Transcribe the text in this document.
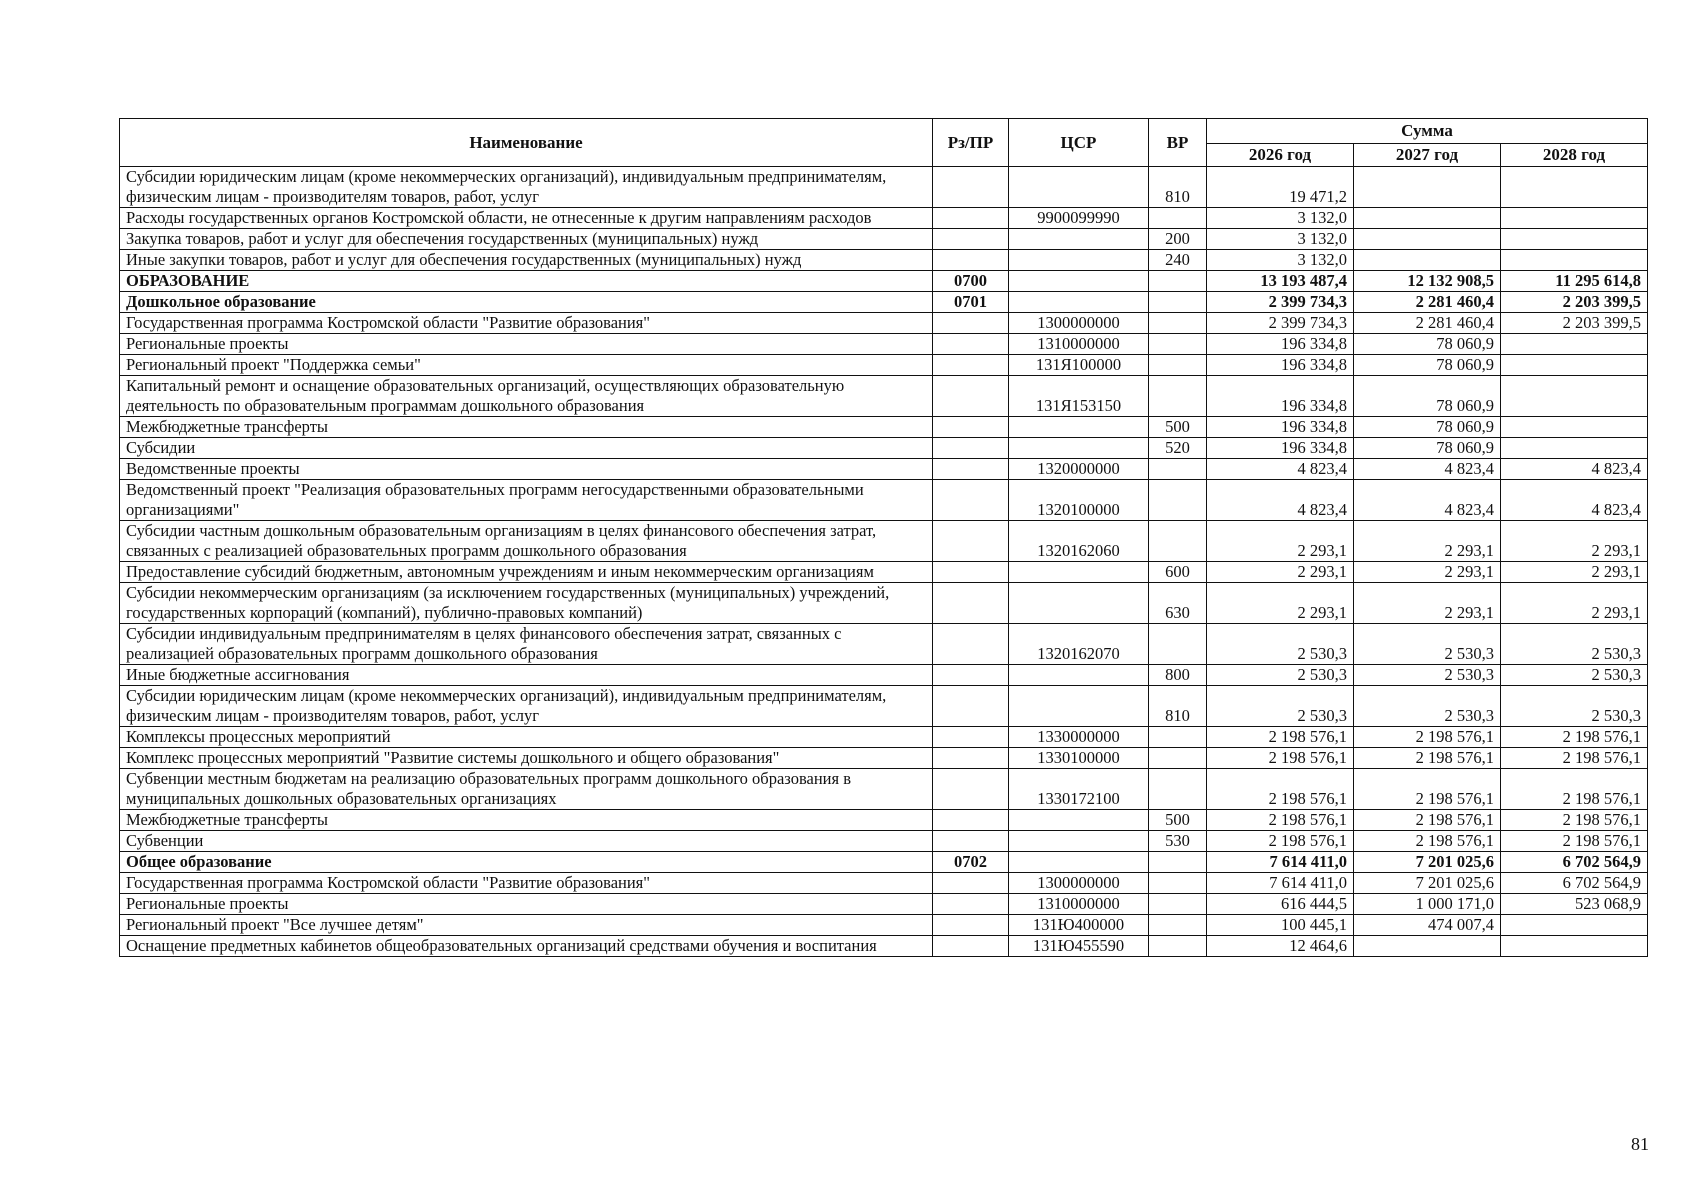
Наименование	Рз/ПР	ЦСР	ВР	Сумма		
				2026 год	2027 год	2028 год
Субсидии юридическим лицам (кроме некоммерческих организаций), индивидуальным предпринимателям, физическим лицам - производителям товаров, работ, услуг			810	19 471,2		
Расходы государственных органов Костромской области, не отнесенные к другим направлениям расходов		9900099990		3 132,0		
Закупка товаров, работ и услуг для обеспечения государственных (муниципальных) нужд			200	3 132,0		
Иные закупки товаров, работ и услуг для обеспечения государственных (муниципальных) нужд			240	3 132,0		
ОБРАЗОВАНИЕ	0700			13 193 487,4	12 132 908,5	11 295 614,8
Дошкольное образование	0701			2 399 734,3	2 281 460,4	2 203 399,5
Государственная программа Костромской области "Развитие образования"		1300000000		2 399 734,3	2 281 460,4	2 203 399,5
Региональные проекты		1310000000		196 334,8	78 060,9	
Региональный проект "Поддержка семьи"		131Я100000		196 334,8	78 060,9	
Капитальный ремонт и оснащение образовательных организаций, осуществляющих образовательную деятельность по образовательным программам дошкольного образования		131Я153150		196 334,8	78 060,9	
Межбюджетные трансферты			500	196 334,8	78 060,9	
Субсидии			520	196 334,8	78 060,9	
Ведомственные проекты		1320000000		4 823,4	4 823,4	4 823,4
Ведомственный проект "Реализация образовательных программ негосударственными образовательными организациями"		1320100000		4 823,4	4 823,4	4 823,4
Субсидии частным дошкольным образовательным организациям в целях финансового обеспечения затрат, связанных с реализацией образовательных программ дошкольного образования		1320162060		2 293,1	2 293,1	2 293,1
Предоставление субсидий бюджетным, автономным учреждениям и иным некоммерческим организациям			600	2 293,1	2 293,1	2 293,1
Субсидии некоммерческим организациям (за исключением государственных (муниципальных) учреждений, государственных корпораций (компаний), публично-правовых компаний)			630	2 293,1	2 293,1	2 293,1
Субсидии индивидуальным предпринимателям в целях финансового обеспечения затрат, связанных с реализацией образовательных программ дошкольного образования		1320162070		2 530,3	2 530,3	2 530,3
Иные бюджетные ассигнования			800	2 530,3	2 530,3	2 530,3
Субсидии юридическим лицам (кроме некоммерческих организаций), индивидуальным предпринимателям, физическим лицам - производителям товаров, работ, услуг			810	2 530,3	2 530,3	2 530,3
Комплексы процессных мероприятий		1330000000		2 198 576,1	2 198 576,1	2 198 576,1
Комплекс процессных мероприятий "Развитие системы дошкольного и общего образования"		1330100000		2 198 576,1	2 198 576,1	2 198 576,1
Субвенции местным бюджетам на реализацию образовательных программ дошкольного образования в муниципальных дошкольных образовательных организациях		1330172100		2 198 576,1	2 198 576,1	2 198 576,1
Межбюджетные трансферты			500	2 198 576,1	2 198 576,1	2 198 576,1
Субвенции			530	2 198 576,1	2 198 576,1	2 198 576,1
Общее образование	0702			7 614 411,0	7 201 025,6	6 702 564,9
Государственная программа Костромской области "Развитие образования"		1300000000		7 614 411,0	7 201 025,6	6 702 564,9
Региональные проекты		1310000000		616 444,5	1 000 171,0	523 068,9
Региональный проект "Все лучшее детям"		131Ю400000		100 445,1	474 007,4	
Оснащение предметных кабинетов общеобразовательных организаций средствами обучения и воспитания		131Ю455590		12 464,6		
81
